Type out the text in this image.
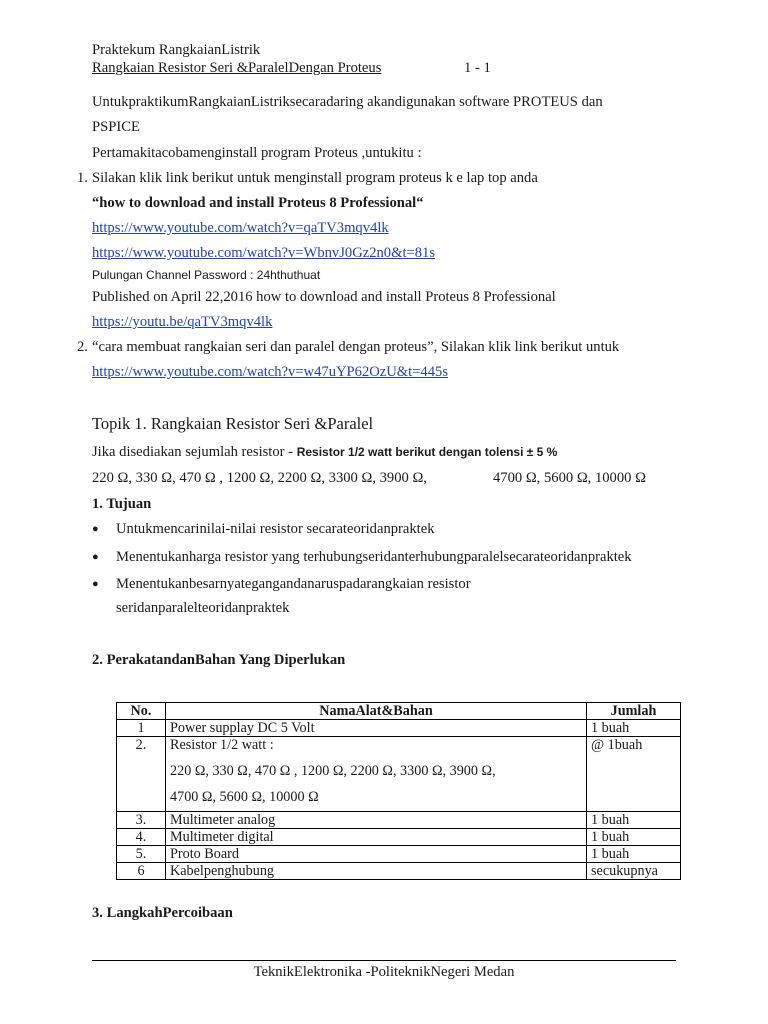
Praktekum RangkaianListrik
Rangkaian Resistor Seri &ParalelDengan Proteus	1 - 1
UntukpraktikumRangkaianListriksecaradaring akandigunakan software PROTEUS dan
PSPICE
Pertamakitacobamenginstall program Proteus ,untukitu :
1. Silakan klik link berikut untuk menginstall program proteus k e lap top anda
“how to download and install Proteus 8 Professional“
https://www.youtube.com/watch?v=qaTV3mqv4lk
https://www.youtube.com/watch?v=WbnvJ0Gz2n0&t=81s
Pulungan Channel Password : 24hthuthuat
Published on April 22,2016 how to download and install Proteus 8 Professional
https://youtu.be/qaTV3mqv4lk
2. “cara membuat rangkaian seri dan paralel dengan proteus”, Silakan klik link berikut untuk
https://www.youtube.com/watch?v=w47uYP62OzU&t=445s
Topik 1. Rangkaian Resistor Seri &Paralel
Jika disediakan sejumlah resistor - Resistor 1/2 watt berikut dengan tolensi ± 5 %
220 Ω, 330 Ω, 470 Ω , 1200 Ω, 2200 Ω, 3300 Ω, 3900 Ω,	4700 Ω, 5600 Ω, 10000 Ω
1. Tujuan
● Untukmencarinilai-nilai resistor secarateoridanpraktek
● Menentukanharga resistor yang terhubungseridanterhubungparalelsecarateoridanpraktek
● Menentukanbesarnyategangandanaruspadarangkaian resistor
seridanparalelteoridanpraktek
2. PerakatandanBahan Yang Diperlukan
No.	NamaAlat&Bahan	Jumlah
1	Power supplay DC 5 Volt	1 buah
2.	Resistor 1/2 watt :
220 Ω, 330 Ω, 470 Ω , 1200 Ω, 2200 Ω, 3300 Ω, 3900 Ω,
4700 Ω, 5600 Ω, 10000 Ω	@ 1buah
3.	Multimeter analog	1 buah
4.	Multimeter digital	1 buah
5.	Proto Board	1 buah
6	Kabelpenghubung	secukupnya
3. LangkahPercoibaan
TeknikElektronika -PoliteknikNegeri Medan
